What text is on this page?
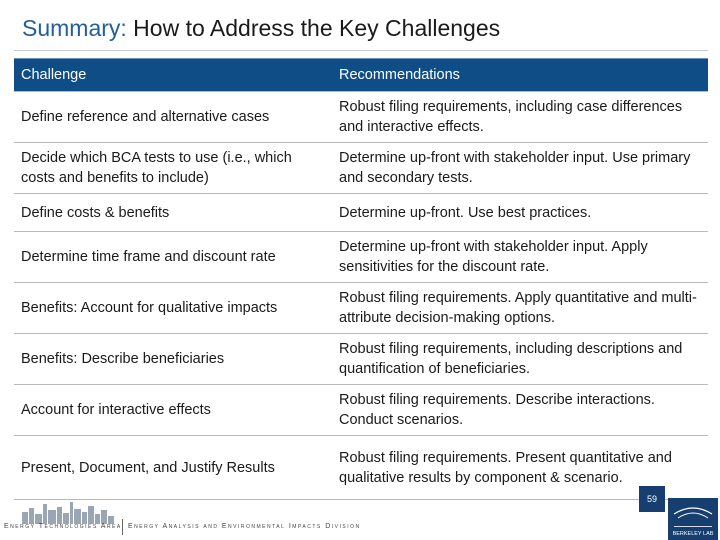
Summary: How to Address the Key Challenges
Challenge	Recommendations
Define reference and alternative cases	Robust filing requirements, including case differences and interactive effects.
Decide which BCA tests to use (i.e., which costs and benefits to include)	Determine up-front with stakeholder input. Use primary and secondary tests.
Define costs & benefits	Determine up-front. Use best practices.
Determine time frame and discount rate	Determine up-front with stakeholder input. Apply sensitivities for the discount rate.
Benefits: Account for qualitative impacts	Robust filing requirements. Apply quantitative and multi-attribute decision-making options.
Benefits: Describe beneficiaries	Robust filing requirements, including descriptions and quantification of beneficiaries.
Account for interactive effects	Robust filing requirements. Describe interactions. Conduct scenarios.
Present, Document, and Justify Results	Robust filing requirements. Present quantitative and qualitative results by component & scenario.
Energy Technologies Area Energy Analysis and Environmental Impacts Division
59
BERKELEY LAB
